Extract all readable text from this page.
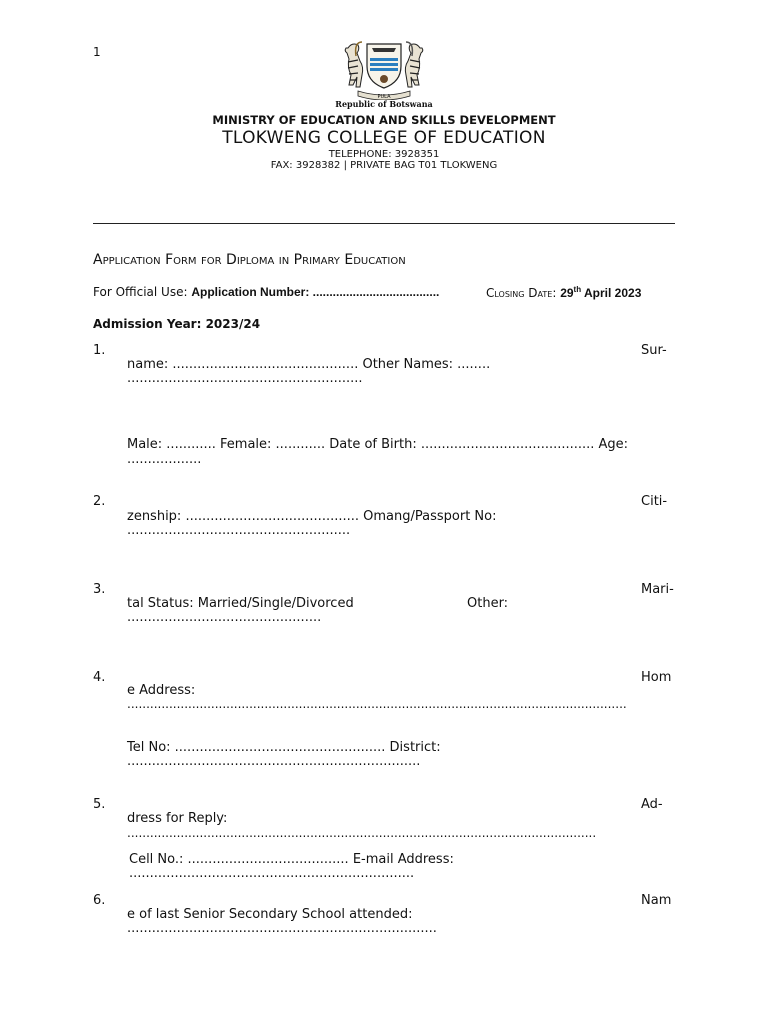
1
PULA
Republic of Botswana
MINISTRY OF EDUCATION AND SKILLS DEVELOPMENT
TLOKWENG COLLEGE OF EDUCATION
TELEPHONE: 3928351
FAX: 3928382 | PRIVATE BAG T01 TLOKWENG
Application Form for Diploma in Primary Education
For Official Use: Application Number: ......................................	Closing Date: 29th April 2023
Admission Year: 2023/24
1.	Sur-
name: ............................................. Other Names: ........
.........................................................
Male: ............ Female: ............ Date of Birth: .......................................... Age:
..................
2.	Citi-
zenship: .......................................... Omang/Passport No:
......................................................
3.	Mari-
tal Status: Married/Single/Divorced	Other:
...............................................
4.	Hom
e Address:
...................................................................................................................................
Tel No: ................................................... District:
.......................................................................
5.	Ad-
dress for Reply:
...........................................................................................................................
Cell No.: ....................................... E-mail Address:
.....................................................................
6.	Nam
e of last Senior Secondary School attended:
...........................................................................
